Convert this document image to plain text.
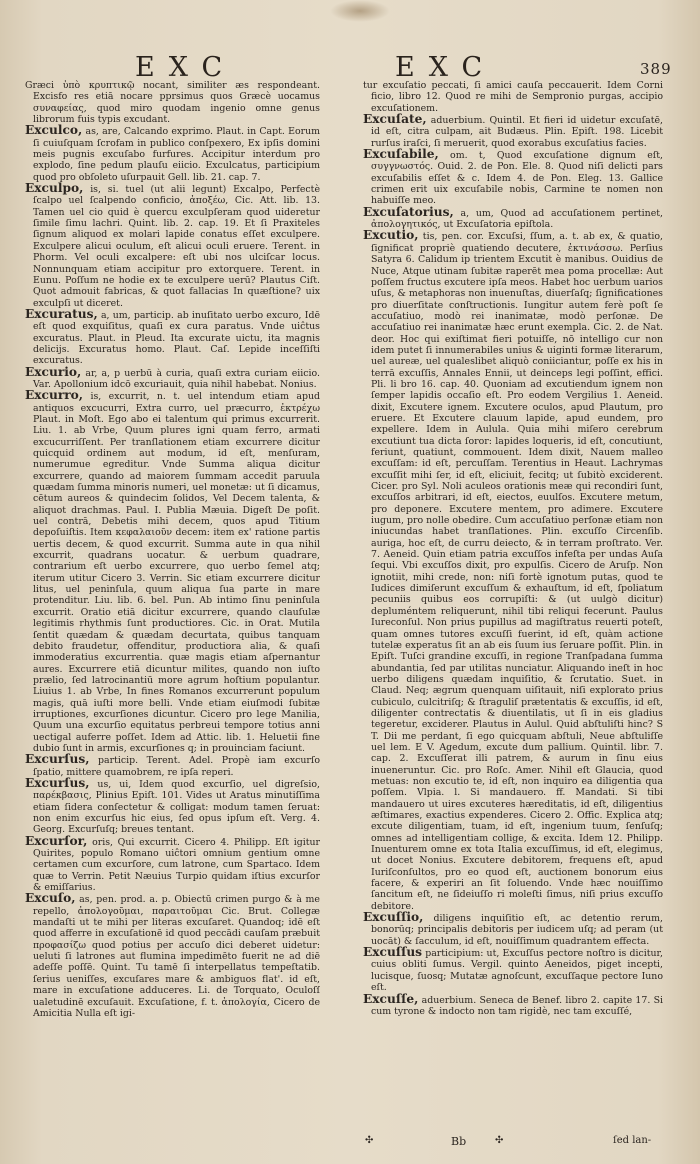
EXC	EXC	389

Græci ὑπὸ κρυπτικῷ nocant, similiter æs respondeant. Excisfo res etiā nocare pprsimus quos Græcè uocamus συναφείας, quod miro quodam ingenio omne genus librorum fuis typis excudant.

Exculco, as, are, Calcando exprimo. Plaut. in Capt. Eorum ſi cuiuſquam ſcrofam in publico conſpexero, Ex ipſis domini meis pugnis excuſabo furfures. Accipitur interdum pro explodo, ſine pedum plauſu eiicio. Exculcatus, participium quod pro obſoleto uſurpauit Gell. lib. 21. cap. 7.

Exculpo, is, si. tuel (ut alii legunt) Excalpo, Perfectè ſcalpo uel ſcalpendo conficio, ἀποξέω, Cic. Att. lib. 13. Tamen uel cio quid è quercu exculpſeram quod uideretur ſimile ſimu lachri. Quint. lib. 2. cap. 19. Et ſi Praxiteles ſignum aliquod ex molari lapide conatus eſſet exculpere. Exculpere alicui oculum, eſt alicui oculi eruere. Terent. in Phorm. Vel oculi excalpere: eſt ubi nos ulciſcar locus. Nonnunquam etiam accipitur pro extorquere. Terent. in Eunu. Poſſum ne hodie ex te exculpere uerū? Plautus Ciſt. Quot admouit fabricas, & quot fallacias In quæſtione? uix exculpſi ut diceret.

Excuratus, a, um, particip. ab inuſitato uerbo excuro, Idē eſt quod exquiſitus, quaſi ex cura paratus. Vnde uiĉtus excuratus. Plaut. in Pleud. Ita excurate uictu, ita magnis delicijs. Excuratus homo. Plaut. Caſ. Lepide inceſſiſti excuratus.

Excurio, ar, a, p uerbū à curia, quaſi extra curiam eiicio. Var. Apollonium idcō excuriauit, quia nihil habebat. Nonius.

Excurro, is, excurrit, n. t. uel intendum etiam apud antiquos excucurri, Extra curro, uel præcurro, ἐκτρέχω Plaut. in Moſt. Ego abo ei talentum qui primus excurrerit. Liu. 1. ab Vrbe, Quum plures igni quam ferro, armati excucurriſſent. Per tranſlationem etiam excurrere dicitur quicquid ordinem aut modum, id eſt, menſuram, numerumue egreditur. Vnde Summa aliqua dicitur excurrere, quando ad maiorem ſummam accedit paruula quædam ſumma minoris numeri, uel monetæ: ut ſi dicamus, cētum aureos & quindecim ſolidos, Vel Decem talenta, & aliquot drachmas. Paul. I. Publia Mæuia. Digeſt De poſit. uel contrā, Debetis mihi decem, quos apud Titium depoſuiſtis. Item κεφαλαιοῦν decem: item ex' ratione partis uertis decem, & quod excurrit. Summa aute in qua nihil excurrit, quadrans uocatur. & uerbum quadrare, contrarium eſt uerbo excurrere, quo uerbo ſemel atq; iterum utitur Cicero 3. Verrin. Sic etiam excurrere dicitur litus, uel peninſula, quum aliqua ſua parte in mare protenditur. Liu. lib. 6. bel. Pun. Ab intimo ſinu peninſula excurrit. Oratio etiā dicitur excurrere, quando clauſulæ legitimis rhythmis ſunt productiores. Cic. in Orat. Mutila ſentit quædam & quædam decurtata, quibus tanquam debito fraudetur, offenditur, productiora alia, & quaſi immoderatius excurrentia. quæ magis etiam aſpernantur aures. Excurrere etiā dicuntur milites, quando non iuſto prælio, ſed latrocinantiū more agrum hoſtium populantur. Liuius 1. ab Vrbe, In fines Romanos excurrerunt populum magis, quā iuſti more belli. Vnde etiam eiuſmodi ſubitæ irruptiones, excurſiones dicuntur. Cicero pro lege Manilia, Quum una excurſio equitatus perbreui tempore totius anni uectigal auferre poſſet. Idem ad Attic. lib. 1. Heluetii fine dubio ſunt in armis, excurſiones q; in prouinciam faciunt.

Excurſus, particip. Terent. Adel. Propè iam excurſo ſpatio, mittere quamobrem, re ipſa reperi.

Excurſus, us, ui, Idem quod excurſio, uel digreſsio, παρέκβασις, Plinius Epiſt. 101. Vides ut Aratus minutiſſima etiam ſidera conſectetur & colligat: modum tamen ſeruat: non enim excurſus hic eius, ſed opus ipſum eſt. Verg. 4. Georg. Excurſuſq; breues tentant.

Excurſor, oris, Qui excurrit. Cicero 4. Philipp. Eſt igitur Quirites, populo Romano uiĉtori omnium gentium omne certamen cum excurſore, cum latrone, cum Spartaco. Idem quæ to Verrin. Petit Næuius Turpio quidam iſtius excurſor & emiſſarius.

Excuſo, as, pen. prod. a. p. Obiectū crimen purgo & à me repello, ἀπολογοῦμαι, παραιτοῦμαι Cic. Brut. Collegæ mandaſti ut te mihi per literas excuſaret. Quandoq; idē eſt quod afferre in excuſationē id quod peccādi cauſam præbuit προφασίζω quod potius per accuſo dici deberet uidetur: ueluti ſi latrones aut flumina impedimēto fuerit ne ad diē adeſſe poſſē. Quint. Tu tamē ſi interpellatus tempeſtatib. ſerius ueniſſes, excuſares mare & ambiguos flat'. id eſt, mare in excuſatione adduceres. Li. de Torquato, Oculoſſ ualetudinē excuſauit. Excuſatione, f. t. ἀπολογία, Cicero de Amicitia Nulla eſt igi-

tur excuſatio peccati, ſi amici cauſa peccauerit. Idem Corni ficio, libro 12. Quod re mihi de Sempronio purgas, accipio excuſationem.

Excuſate, aduerbium. Quintil. Et fieri id uidetur excuſatē, id eſt, citra culpam, ait Budæus. Plin. Epiſt. 198. Licebit rurſus iraſci, ſi meruerit, quod exorabus excuſatius facies.

Excuſabile, om. t, Quod excuſatione dignum eſt, συγγνωστός. Ouid. 2. de Pon. Ele. 8. Quod niſi delicti pars excuſabilis eſſet & c. Idem 4. de Pon. Eleg. 13. Gallice crimen erit uix excuſabile nobis, Carmine te nomen non habuiſſe meo.

Excuſatorius, a, um, Quod ad accuſationem pertinet, ἀπολογητικός, ut Excuſatoria epiſtola.

Excutio, tis, pen. cor. Excuſsi, ſſum, a. t. ab ex, & quatio, ſignificat propriè quatiendo decutere, ἐκτινάσσω. Perſius Satyra 6. Calidum ip trientem Excutit è manibus. Ouidius de Nuce, Atque utinam ſubitæ raperēt mea poma procellæ: Aut poſſem fructus excutere ipſa meos. Habet hoc uerbum uarios uſus, & metaphoras non inuenuſtas, diuerſaſq; ſignificationes pro diuerſitate conſtructionis. Iungitur autem ferè poſt ſe accuſatiuo, modò rei inanimatæ, modò perſonæ. De accuſatiuo rei inanimatæ hæc erunt exempla. Cic. 2. de Nat. deor. Hoc qui exiſtimat fieri potuiſſe, nō intelligo cur non idem putet ſi innumerabiles unius & uiginti formæ literarum, uel aureæ, uel qualeslibet aliquò coniiciantur, poſſe ex his in terrā excuſſis, Annales Ennii, ut deinceps legi poſſint, effici. Pli. li bro 16. cap. 40. Quoniam ad excutiendum ignem non ſemper lapidis occaſio eſt. Pro eodem Vergilius 1. Aeneid. dixit, Excutere ignem. Excutere oculos, apud Plautum, pro eruere. Et Excutere clauum lapide, apud eundem, pro expellere. Idem in Aulula. Quia mihi miſero cerebrum excutiunt tua dicta ſoror: lapides loqueris, id eſt, concutiunt, feriunt, quatiunt, commouent. Idem dixit, Nauem malleo excuſſam: id eſt, percuſſam. Terentius in Heaut. Lachrymas excuſſit mihi ſer, id eſt, eliciuit, fecitq; ut ſubitò exciderent. Cicer. pro Syl. Noli aculeos orationis meæ qui recondiri ſunt, excuſſos arbitrari, id eſt, eiectos, euulſos. Excutere metum, pro deponere. Excutere mentem, pro adimere. Excutere iugum, pro nolle obedire. Cum accuſatiuo perſonæ etiam non iniucundas habet tranſlationes. Plin. excuſſo Circenſib. auriga, hoc eſt, de curru deiecto, & in terram proſtrato. Ver. 7. Aeneid. Quin etiam patria excuſſos infeſta per undas Auſa ſequi. Vbi excuſſos dixit, pro expulſis. Cicero de Aruſp. Non ignotiit, mihi crede, non: niſi fortè ignotum putas, quod te Iudices dimiſerunt excuſſum & exhauſtum, id eſt, ſpoliatum pecuniis quibus eos corrupiſti: & (ut uulgò dicitur) depluméntem reliquerunt, nihil tibi reliqui fecerunt. Paulus Iureconſul. Non prius pupillus ad magiſtratus reuerti poteſt, quam omnes tutores excuſſi fuerint, id eſt, quàm actione tutelæ experatus ſit an ab eis ſuum ius ſeruare poſſit. Plin. in Epiſt. Tuſci grandine excuſſi, in regione Tranſpadana ſumma abundantia, ſed par utilitas nunciatur. Aliquando ineſt in hoc uerbo diligens quædam inquiſitio, & ſcrutatio. Suet. in Claud. Neq; ægrum quenquam uiſitauit, niſi explorato prius cubiculo, culcitriſq; & ſtraguliſ prætentatis & excuſſis, id eſt, diligenter contrectatis & diuentilatis, ut ſi in eis gladius tegeretur, exciderer. Plautus in Aulul. Quid abſtuliſti hinc? S T. Dii me perdant, ſi ego quicquam abſtuli, Neue abſtuliſſe uel lem. E V. Agedum, excute dum pallium. Quintil. libr. 7. cap. 2. Excuſſerat illi patrem, & aurum in ſinu eius inueneruntur. Cic. pro Roſc. Amer. Nihil eſt Glaucia, quod metuas: non excutio te, id eſt, non inquiro ea diligentia qua poſſem. Vlpia. l. Si mandauero. ff. Mandati. Si tibi mandauero ut uires excuteres hæreditatis, id eſt, diligentius æſtimares, exactius expenderes. Cicero 2. Offic. Explica atq; excute diligentiam, tuam, id eſt, ingenium tuum, ſenſuſq; omnes ad intelligentiam collige, & excita. Idem 12. Philipp. Inuenturem omne ex tota Italia excuſſimus, id eſt, elegimus, ut docet Nonius. Excutere debitorem, frequens eſt, apud Iuriſconſultos, pro eo quod eſt, auctionem bonorum eius facere, & experiri an ſit ſoluendo. Vnde hæc nouiſſimo ſancitum eſt, ne ſideiuſſo ri moleſti ſimus, niſi prius excuſſo debitore.

Excuſſio, diligens inquiſitio eſt, ac detentio rerum, bonorūq; principalis debitoris per iudicem uſq; ad peram (ut uocāt) & ſacculum, id eſt, nouiſſimum quadrantem effecta.

Excuſſus participium: ut, Excuſſus pectore noſtro is dicitur, cuius obliti ſumus. Vergil. quinto Aeneidos, piget incepti, lucisque, ſuosq; Mutatæ agnoſcunt, excuſſaque pectore Iuno eſt.

Excuſſe, aduerbium. Seneca de Benef. libro 2. capite 17. Si cum tyrone & indocto non tam rigidè, nec tam excuſſé,

✣	Bb	✣	ſed lan-
